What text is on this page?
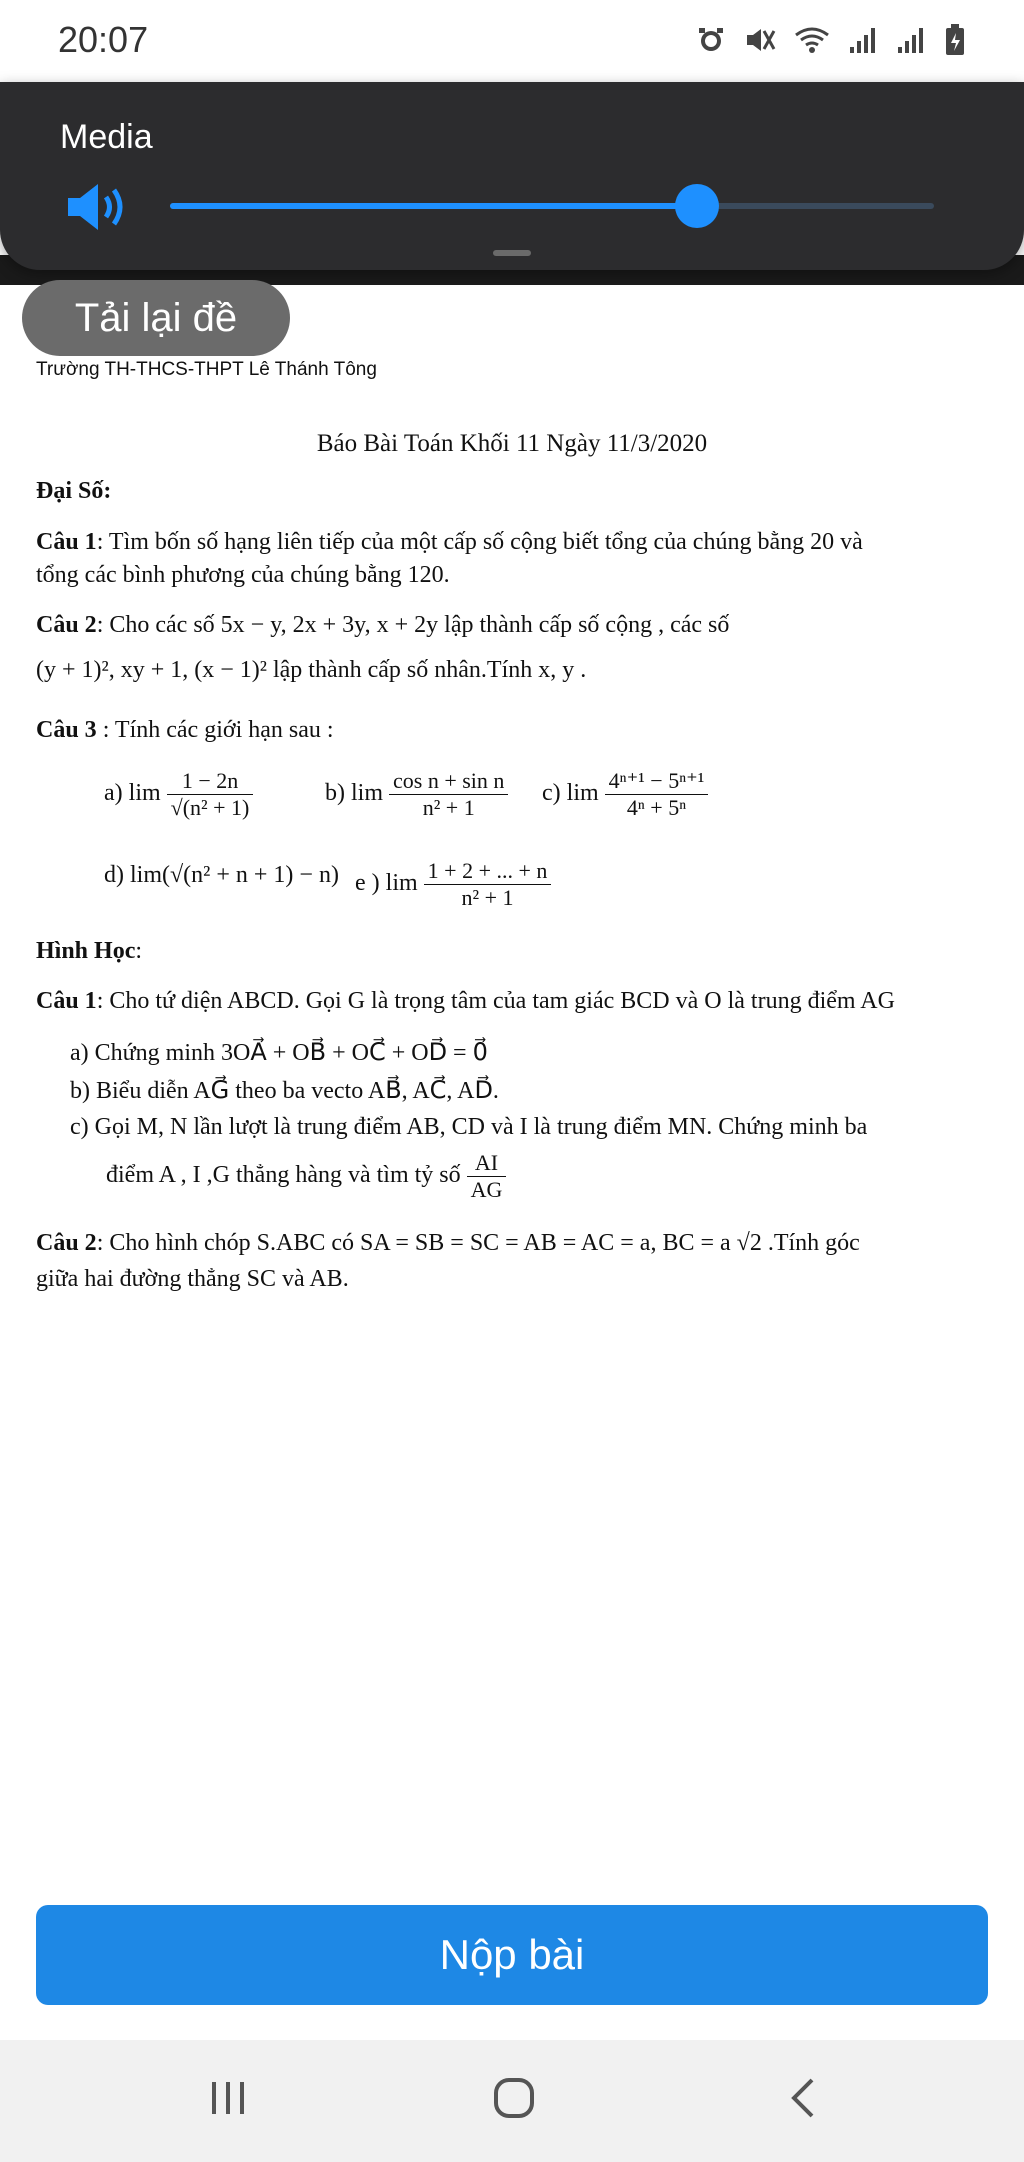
20:07
Media
Tải lại đề
Trường TH-THCS-THPT Lê Thánh Tông
Báo Bài Toán Khối 11 Ngày 11/3/2020
Đại Số:
Câu 1: Tìm bốn số hạng liên tiếp của một cấp số cộng biết tổng của chúng bằng 20 và
tổng các bình phương của chúng bằng 120.
Câu 2: Cho các số 5x − y, 2x + 3y, x + 2y lập thành cấp số cộng , các số
(y + 1)², xy + 1, (x − 1)² lập thành cấp số nhân.Tính x, y .
Câu 3 : Tính các giới hạn sau :
a) $\lim \frac{1 - 2n}{\text{√(n² + 1)}}$	b) $\lim \frac{\text{cos n + sin n}}{\text{n² + 1}} c$) $\lim \frac{\text{4ⁿ⁺¹ − 5ⁿ⁺¹}}{\text{4ⁿ + 5ⁿ}}$
d) lim(√(n² + n + 1) − n) e ) $\lim \frac{1 + 2 + ... + n}{\text{n² + 1}}$
Hình Học:
Câu 1: Cho tứ diện ABCD. Gọi G là trọng tâm của tam giác BCD và O là trung điểm AG
a) Chứng minh 3OA⃗ + OB⃗ + OC⃗ + OD⃗ = 0⃗
b) Biểu diễn AG⃗ theo ba vecto AB⃗, AC⃗, AD⃗.
c) Gọi M, N lần lượt là trung điểm AB, CD và I là trung điểm MN. Chứng minh ba
điểm A , I ,G thẳng hàng và tìm tỷ số $\frac{AI}{AG}$
Câu 2: Cho hình chóp S.ABC có SA = SB = SC = AB = AC = a, BC = a √2 .Tính góc
giữa hai đường thẳng SC và AB.
Nộp bài
